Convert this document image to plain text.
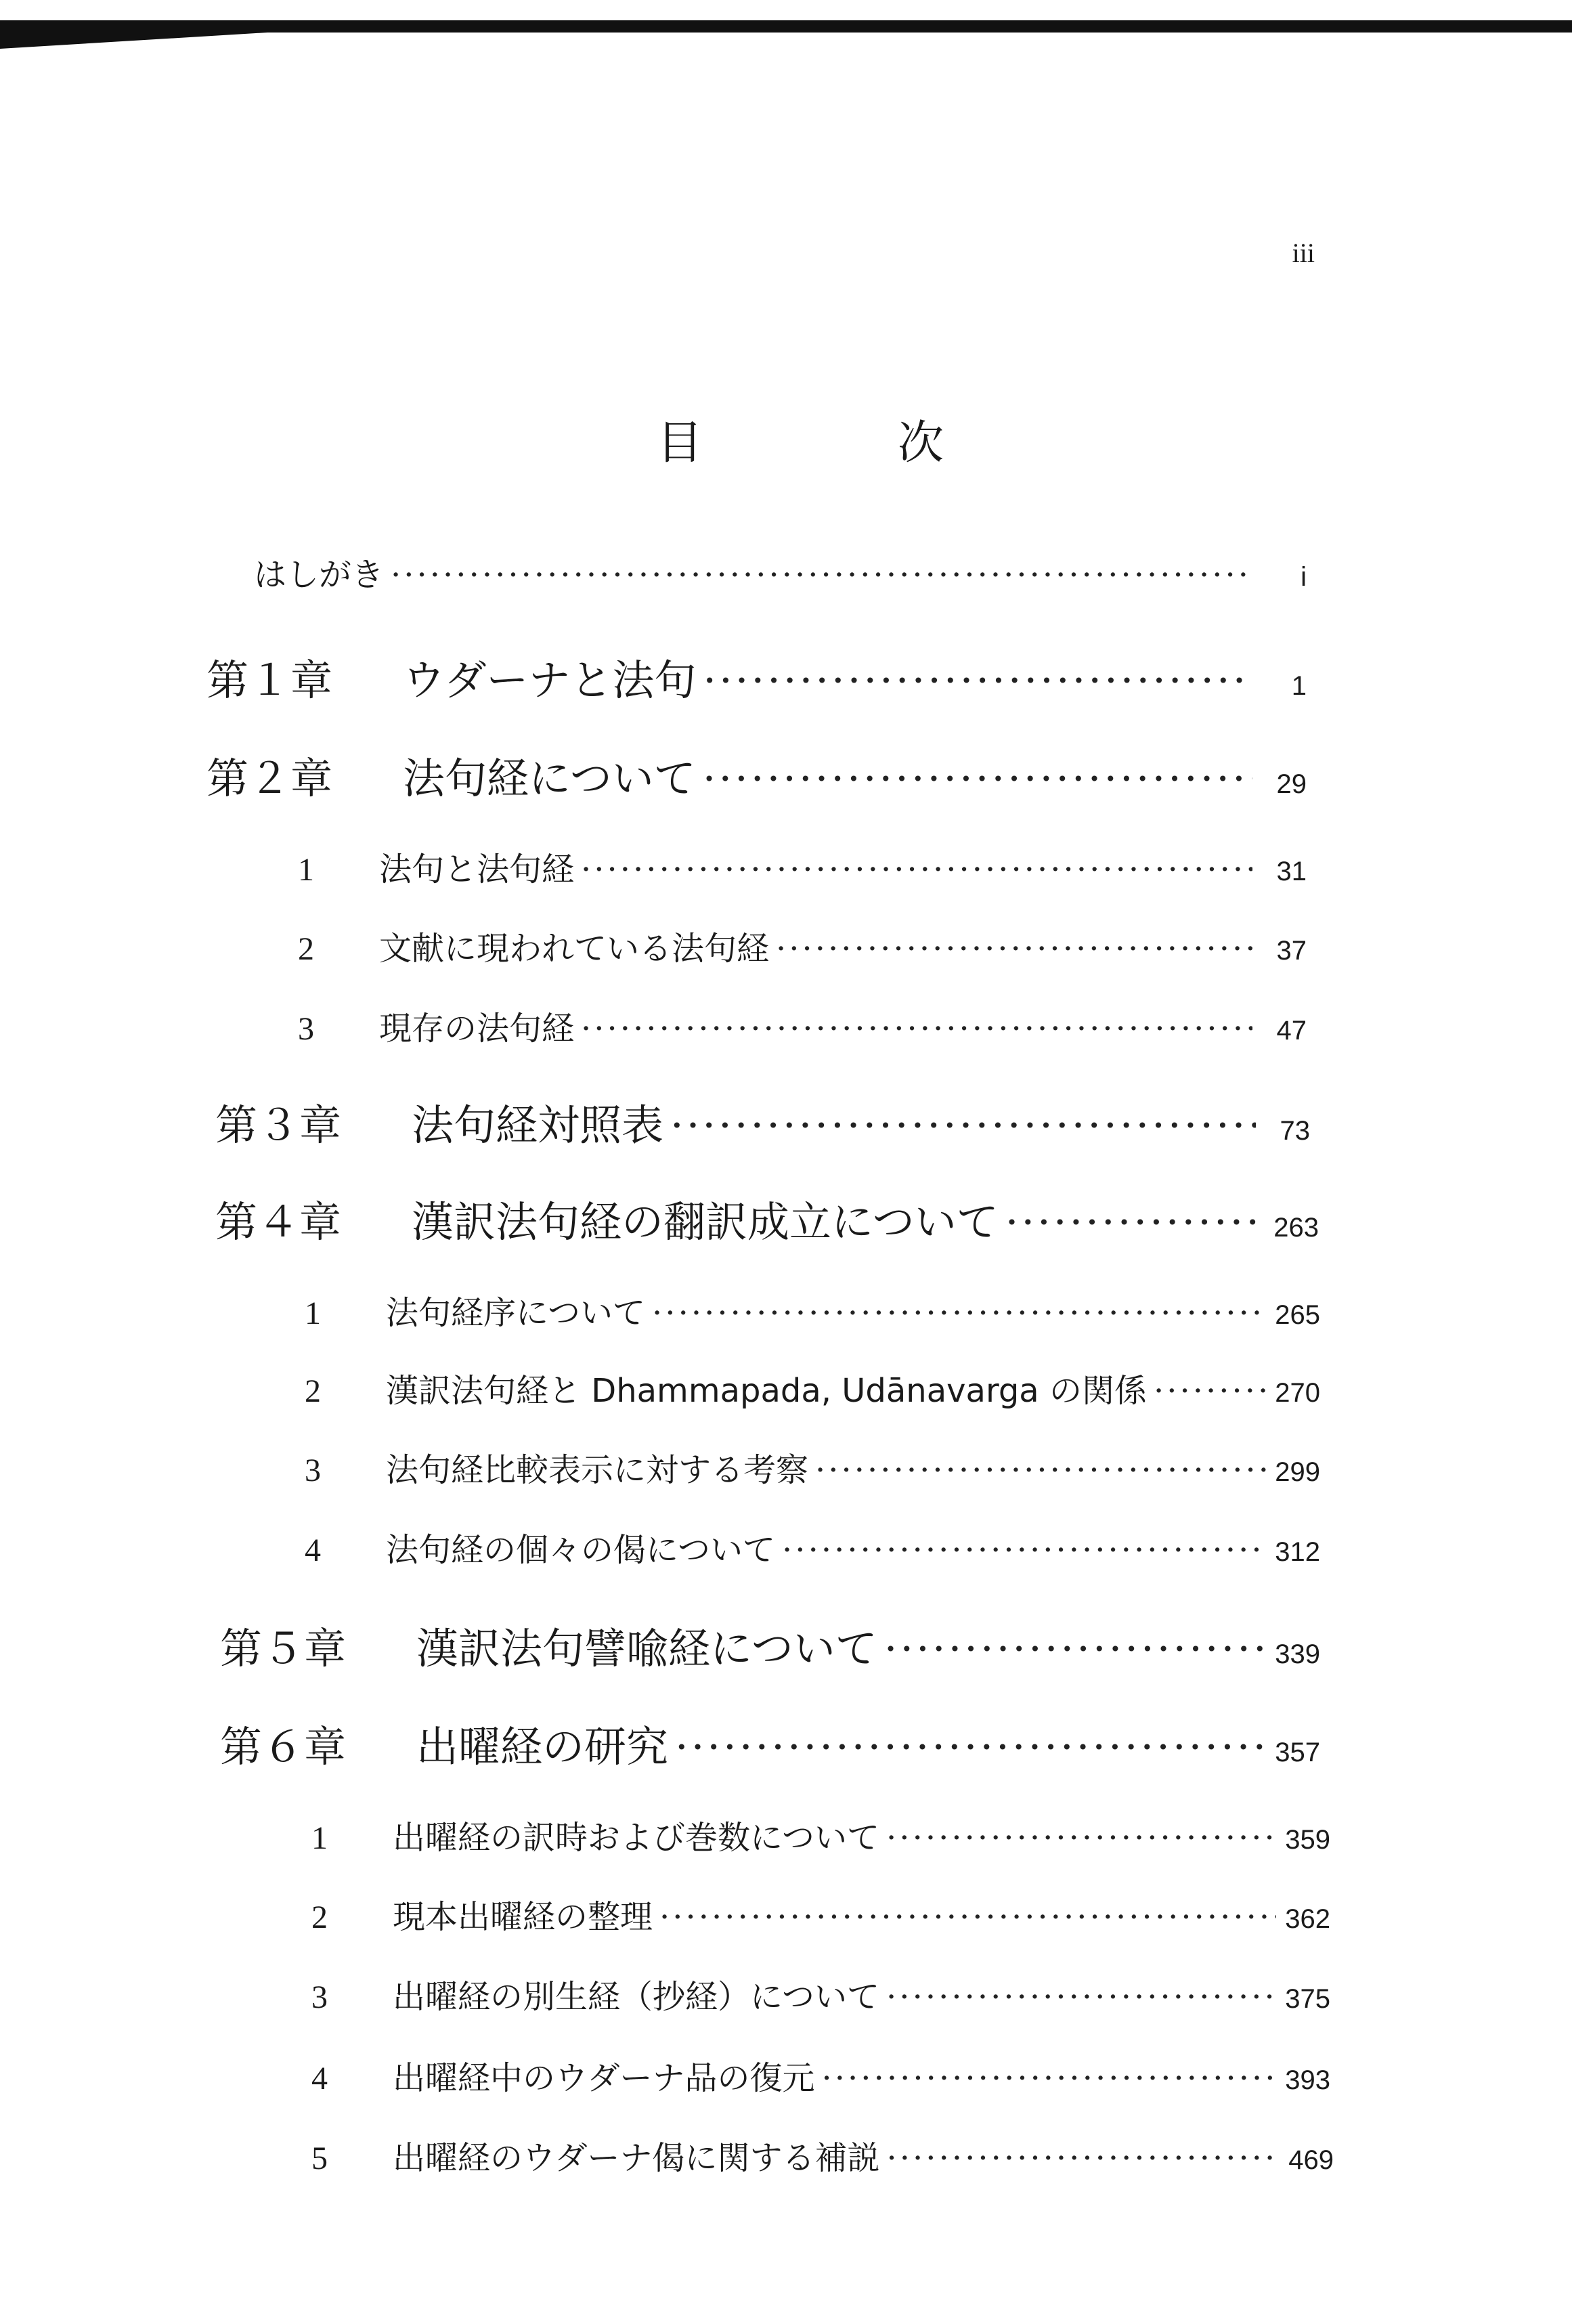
iii
目　次
はしがき ·····	i
第１章	ウダーナと法句 ·····	1
第２章	法句経について ·····	29
1	法句と法句経 ·····	31
2	文献に現われている法句経 ·····	37
3	現存の法句経 ·····	47
第３章	法句経対照表 ·····	73
第４章	漢訳法句経の翻訳成立について ·····	263
1	法句経序について ·····	265
2	漢訳法句経と Dhammapada, Udānavarga の関係 ·····	270
3	法句経比較表示に対する考察 ·····	299
4	法句経の個々の偈について ·····	312
第５章	漢訳法句譬喩経について ·····	339
第６章	出曜経の研究 ·····	357
1	出曜経の訳時および巻数について ·····	359
2	現本出曜経の整理 ·····	362
3	出曜経の別生経（抄経）について ·····	375
4	出曜経中のウダーナ品の復元 ·····	393
5	出曜経のウダーナ偈に関する補説 ·····	469
